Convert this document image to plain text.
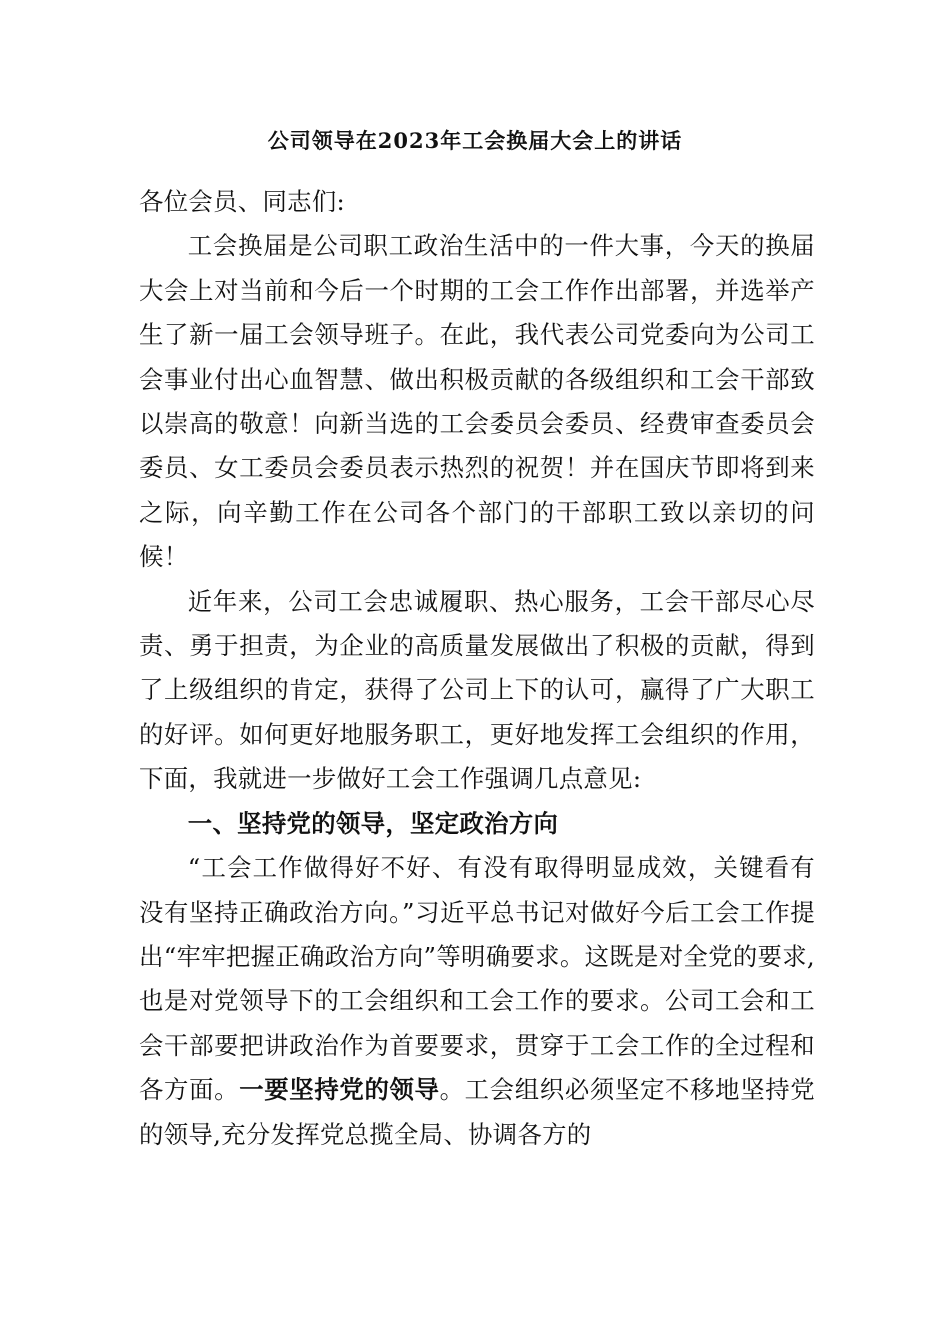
公司领导在2023年工会换届大会上的讲话

各位会员、同志们:

工会换届是公司职工政治生活中的一件大事，今天的换届大会上对当前和今后一个时期的工会工作作出部署，并选举产生了新一届工会领导班子。在此，我代表公司党委向为公司工会事业付出心血智慧、做出积极贡献的各级组织和工会干部致以崇高的敬意！向新当选的工会委员会委员、经费审查委员会委员、女工委员会委员表示热烈的祝贺！并在国庆节即将到来之际，向辛勤工作在公司各个部门的干部职工致以亲切的问候！

近年来，公司工会忠诚履职、热心服务，工会干部尽心尽责、勇于担责，为企业的高质量发展做出了积极的贡献，得到了上级组织的肯定，获得了公司上下的认可，赢得了广大职工的好评。如何更好地服务职工，更好地发挥工会组织的作用，下面，我就进一步做好工会工作强调几点意见:

一、坚持党的领导，坚定政治方向

“工会工作做得好不好、有没有取得明显成效，关键看有没有坚持正确政治方向。”习近平总书记对做好今后工会工作提出“牢牢把握正确政治方向”等明确要求。这既是对全党的要求,也是对党领导下的工会组织和工会工作的要求。公司工会和工会干部要把讲政治作为首要要求，贯穿于工会工作的全过程和各方面。一要坚持党的领导。工会组织必须坚定不移地坚持党的领导,充分发挥党总揽全局、协调各方的
